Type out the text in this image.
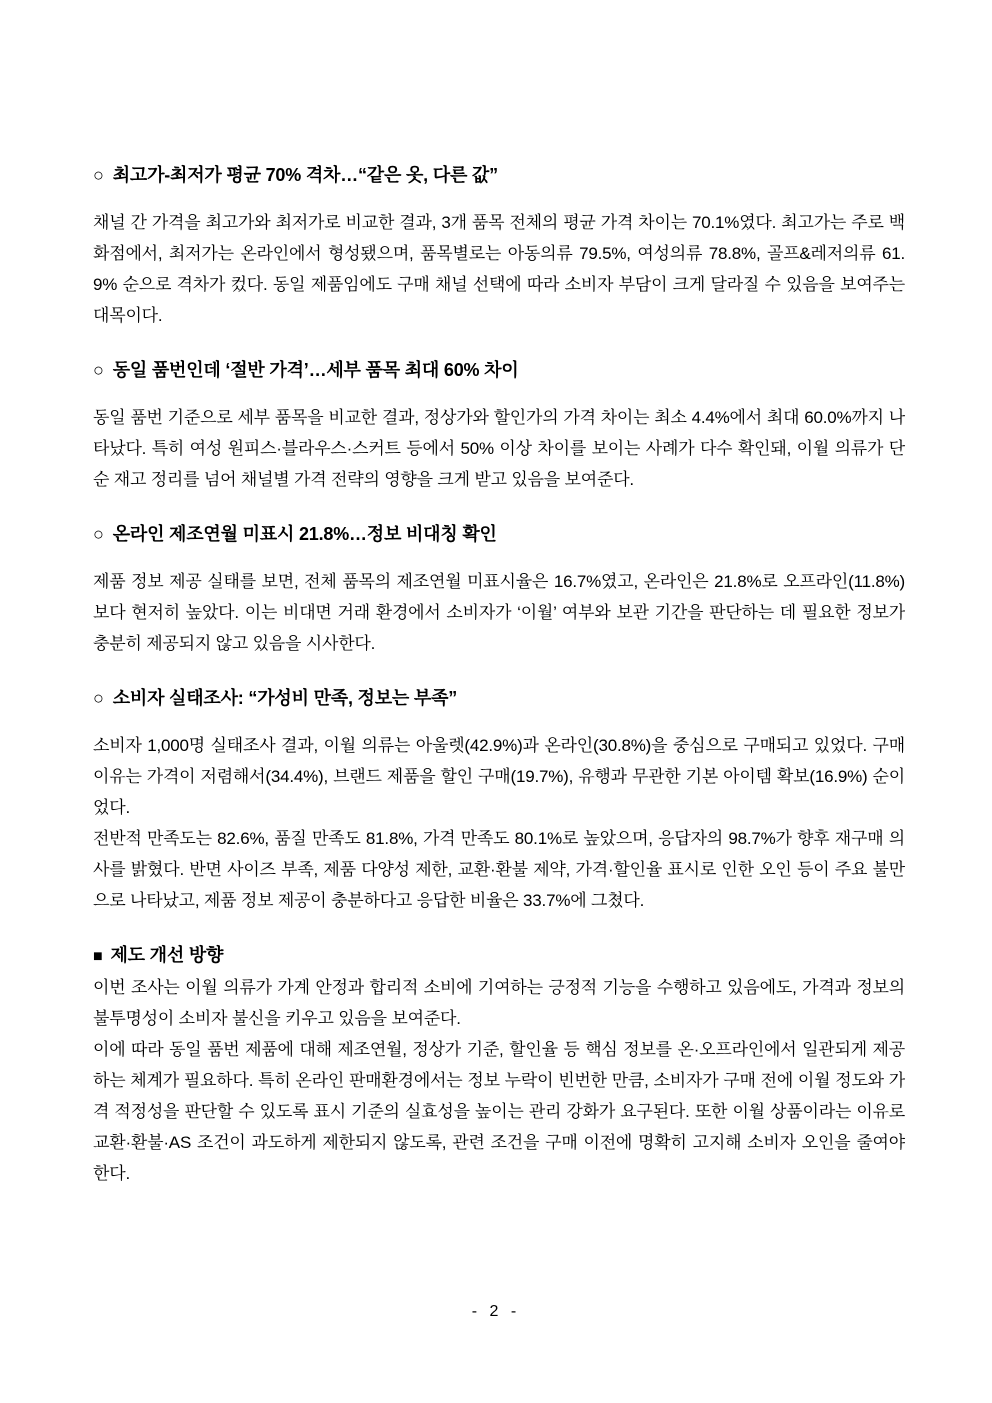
○ 최고가-최저가 평균 70% 격차…“같은 옷, 다른 값”

채널 간 가격을 최고가와 최저가로 비교한 결과, 3개 품목 전체의 평균 가격 차이는 70.1%였다. 최고가는 주로 백화점에서, 최저가는 온라인에서 형성됐으며, 품목별로는 아동의류 79.5%, 여성의류 78.8%, 골프&레저의류 61.9% 순으로 격차가 컸다. 동일 제품임에도 구매 채널 선택에 따라 소비자 부담이 크게 달라질 수 있음을 보여주는 대목이다.

○ 동일 품번인데 ‘절반 가격’…세부 품목 최대 60% 차이

동일 품번 기준으로 세부 품목을 비교한 결과, 정상가와 할인가의 가격 차이는 최소 4.4%에서 최대 60.0%까지 나타났다. 특히 여성 원피스·블라우스·스커트 등에서 50% 이상 차이를 보이는 사례가 다수 확인돼, 이월 의류가 단순 재고 정리를 넘어 채널별 가격 전략의 영향을 크게 받고 있음을 보여준다.

○ 온라인 제조연월 미표시 21.8%…정보 비대칭 확인

제품 정보 제공 실태를 보면, 전체 품목의 제조연월 미표시율은 16.7%였고, 온라인은 21.8%로 오프라인(11.8%)보다 현저히 높았다. 이는 비대면 거래 환경에서 소비자가 ‘이월’ 여부와 보관 기간을 판단하는 데 필요한 정보가 충분히 제공되지 않고 있음을 시사한다.

○ 소비자 실태조사: “가성비 만족, 정보는 부족”

소비자 1,000명 실태조사 결과, 이월 의류는 아울렛(42.9%)과 온라인(30.8%)을 중심으로 구매되고 있었다. 구매 이유는 가격이 저렴해서(34.4%), 브랜드 제품을 할인 구매(19.7%), 유행과 무관한 기본 아이템 확보(16.9%) 순이었다.

전반적 만족도는 82.6%, 품질 만족도 81.8%, 가격 만족도 80.1%로 높았으며, 응답자의 98.7%가 향후 재구매 의사를 밝혔다. 반면 사이즈 부족, 제품 다양성 제한, 교환·환불 제약, 가격·할인율 표시로 인한 오인 등이 주요 불만으로 나타났고, 제품 정보 제공이 충분하다고 응답한 비율은 33.7%에 그쳤다.

■ 제도 개선 방향

이번 조사는 이월 의류가 가계 안정과 합리적 소비에 기여하는 긍정적 기능을 수행하고 있음에도, 가격과 정보의 불투명성이 소비자 불신을 키우고 있음을 보여준다.

이에 따라 동일 품번 제품에 대해 제조연월, 정상가 기준, 할인율 등 핵심 정보를 온·오프라인에서 일관되게 제공하는 체계가 필요하다. 특히 온라인 판매환경에서는 정보 누락이 빈번한 만큼, 소비자가 구매 전에 이월 정도와 가격 적정성을 판단할 수 있도록 표시 기준의 실효성을 높이는 관리 강화가 요구된다. 또한 이월 상품이라는 이유로 교환·환불·AS 조건이 과도하게 제한되지 않도록, 관련 조건을 구매 이전에 명확히 고지해 소비자 오인을 줄여야 한다.

- 2 -
